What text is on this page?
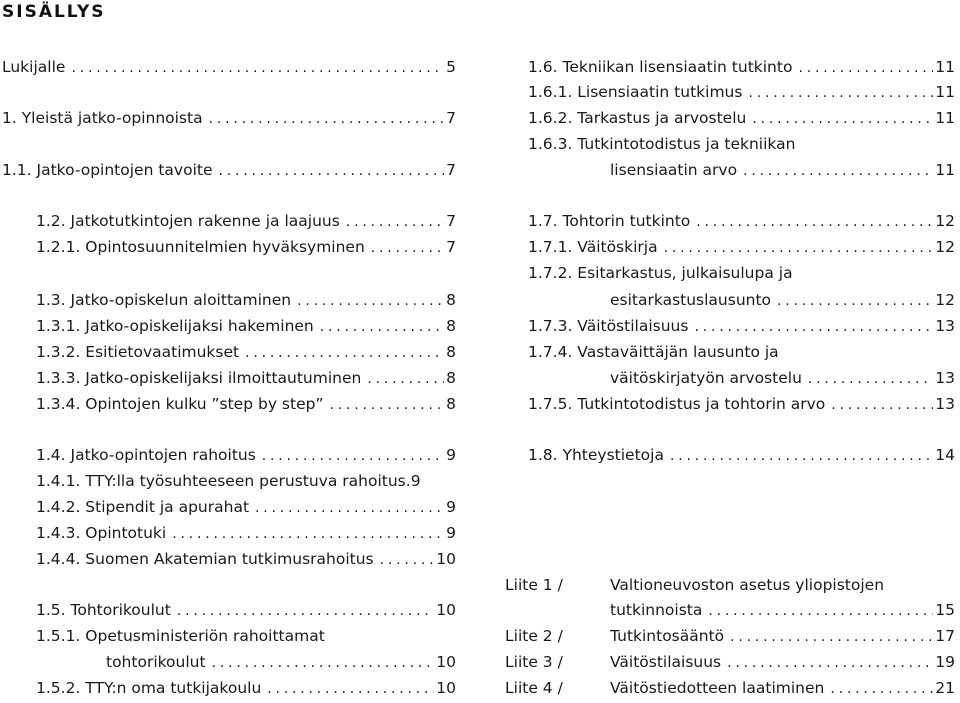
SISÄLLYS
Lukijalle .....	5
1. Yleistä jatko-opinnoista .....	7
1.1. Jatko-opintojen tavoite .....	7
1.2. Jatkotutkintojen rakenne ja laajuus .....	7
1.2.1. Opintosuunnitelmien hyväksyminen .....	7
1.3. Jatko-opiskelun aloittaminen .....	8
1.3.1. Jatko-opiskelijaksi hakeminen .....	8
1.3.2. Esitietovaatimukset .....	8
1.3.3. Jatko-opiskelijaksi ilmoittautuminen .....	8
1.3.4. Opintojen kulku ”step by step” .....	8
1.4. Jatko-opintojen rahoitus .....	9
1.4.1. TTY:lla työsuhteeseen perustuva rahoitus.9
1.4.2. Stipendit ja apurahat .....	9
1.4.3. Opintotuki .....	9
1.4.4. Suomen Akatemian tutkimusrahoitus .....	10
1.5. Tohtorikoulut .....	10
1.5.1. Opetusministeriön rahoittamat
tohtorikoulut .....	10
1.5.2. TTY:n oma tutkijakoulu .....	10
1.6. Tekniikan lisensiaatin tutkinto .....	11
1.6.1. Lisensiaatin tutkimus .....	11
1.6.2. Tarkastus ja arvostelu .....	11
1.6.3. Tutkintotodistus ja tekniikan
lisensiaatin arvo .....	11
1.7. Tohtorin tutkinto .....	12
1.7.1. Väitöskirja .....	12
1.7.2. Esitarkastus, julkaisulupa ja
esitarkastuslausunto .....	12
1.7.3. Väitöstilaisuus .....	13
1.7.4. Vastaväittäjän lausunto ja
väitöskirjatyön arvostelu .....	13
1.7.5. Tutkintotodistus ja tohtorin arvo .....	13
1.8. Yhteystietoja .....	14
Liite 1 /	Valtioneuvoston asetus yliopistojen
tutkinnoista .....	15
Liite 2 /	Tutkintosääntö .....	17
Liite 3 /	Väitöstilaisuus .....	19
Liite 4 /	Väitöstiedotteen laatiminen .....	21
